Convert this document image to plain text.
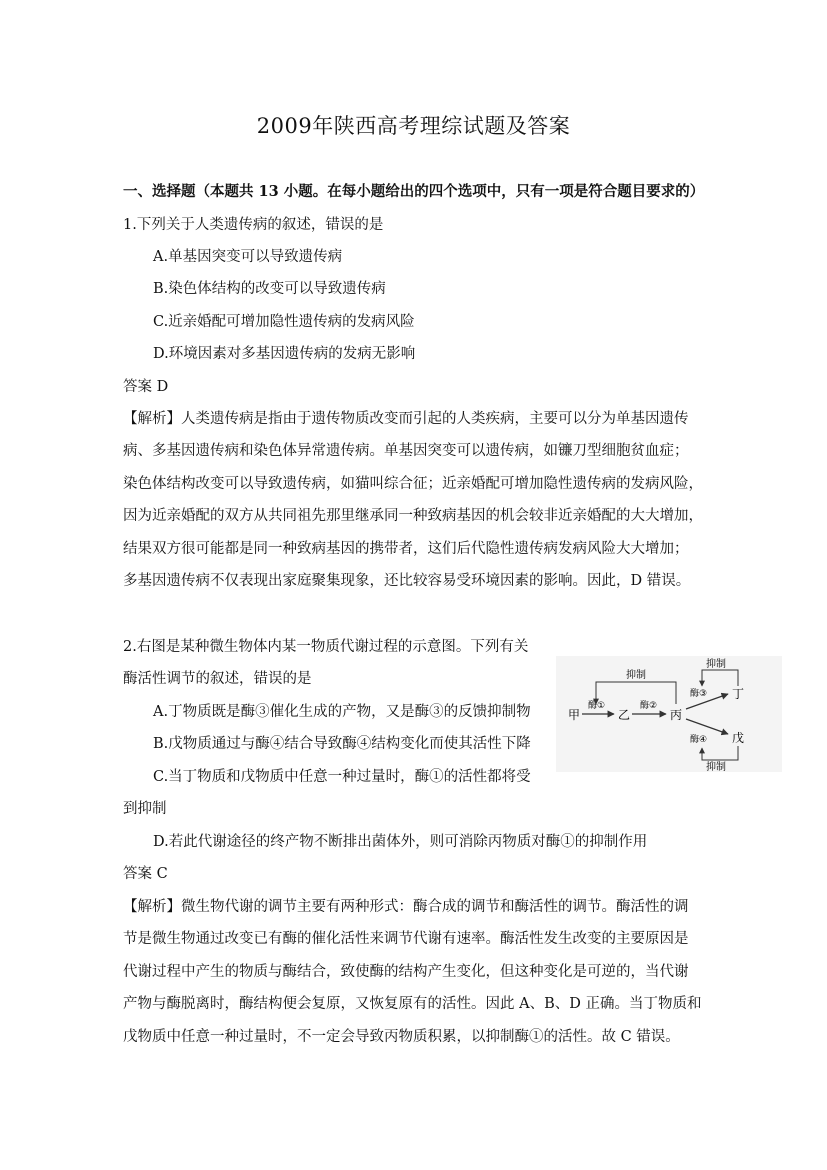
2009年陕西高考理综试题及答案
一、选择题（本题共 13 小题。在每小题给出的四个选项中，只有一项是符合题目要求的）
1.下列关于人类遗传病的叙述，错误的是
A.单基因突变可以导致遗传病
B.染色体结构的改变可以导致遗传病
C.近亲婚配可增加隐性遗传病的发病风险
D.环境因素对多基因遗传病的发病无影响
答案 D
【解析】人类遗传病是指由于遗传物质改变而引起的人类疾病，主要可以分为单基因遗传
病、多基因遗传病和染色体异常遗传病。单基因突变可以遗传病，如镰刀型细胞贫血症；
染色体结构改变可以导致遗传病，如猫叫综合征；近亲婚配可增加隐性遗传病的发病风险，
因为近亲婚配的双方从共同祖先那里继承同一种致病基因的机会较非近亲婚配的大大增加，
结果双方很可能都是同一种致病基因的携带者，这们后代隐性遗传病发病风险大大增加；
多基因遗传病不仅表现出家庭聚集现象，还比较容易受环境因素的影响。因此，D 错误。
2.右图是某种微生物体内某一物质代谢过程的示意图。下列有关
酶活性调节的叙述，错误的是
A.丁物质既是酶③催化生成的产物，又是酶③的反馈抑制物
B.戊物质通过与酶④结合导致酶④结构变化而使其活性下降
C.当丁物质和戊物质中任意一种过量时，酶①的活性都将受
到抑制
D.若此代谢途径的终产物不断排出菌体外，则可消除丙物质对酶①的抑制作用
答案 C
【解析】微生物代谢的调节主要有两种形式：酶合成的调节和酶活性的调节。酶活性的调
节是微生物通过改变已有酶的催化活性来调节代谢有速率。酶活性发生改变的主要原因是
代谢过程中产生的物质与酶结合，致使酶的结构产生变化，但这种变化是可逆的，当代谢
产物与酶脱离时，酶结构便会复原，又恢复原有的活性。因此 A、B、D 正确。当丁物质和
戊物质中任意一种过量时，不一定会导致丙物质积累，以抑制酶①的活性。故 C 错误。
甲
酶①
乙
酶②
丙
酶③ 丁
酶④ 戊
抑制
抑制
抑制
